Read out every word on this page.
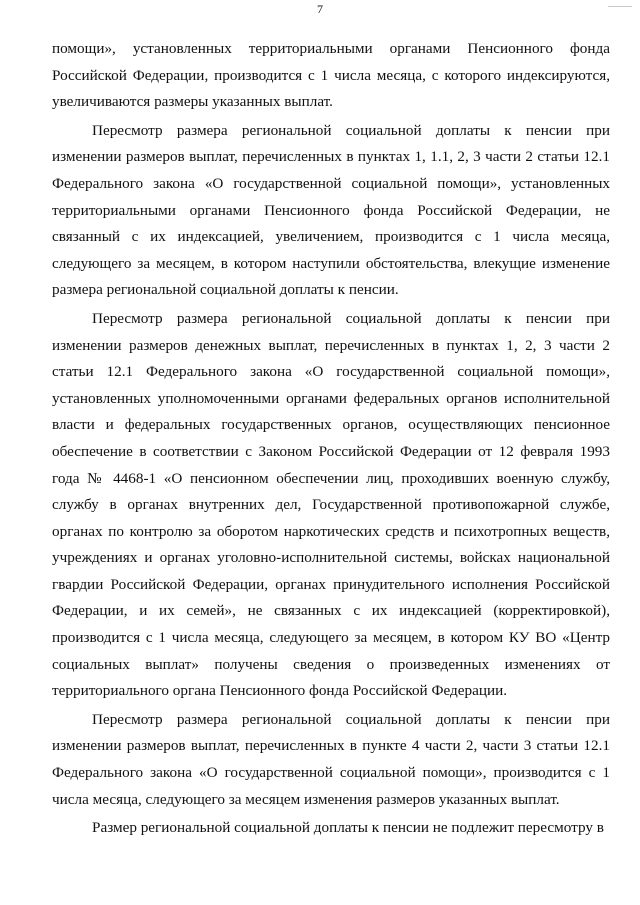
7

помощи», установленных территориальными органами Пенсионного фонда Российской Федерации, производится с 1 числа месяца, с которого индексируются, увеличиваются размеры указанных выплат.

Пересмотр размера региональной социальной доплаты к пенсии при изменении размеров выплат, перечисленных в пунктах 1, 1.1, 2, 3 части 2 статьи 12.1 Федерального закона «О государственной социальной помощи», установленных территориальными органами Пенсионного фонда Российской Федерации, не связанный с их индексацией, увеличением, производится с 1 числа месяца, следующего за месяцем, в котором наступили обстоятельства, влекущие изменение размера региональной социальной доплаты к пенсии.

Пересмотр размера региональной социальной доплаты к пенсии при изменении размеров денежных выплат, перечисленных в пунктах 1, 2, 3 части 2 статьи 12.1 Федерального закона «О государственной социальной помощи», установленных уполномоченными органами федеральных органов исполнительной власти и федеральных государственных органов, осуществляющих пенсионное обеспечение в соответствии с Законом Российской Федерации от 12 февраля 1993 года № 4468-1 «О пенсионном обеспечении лиц, проходивших военную службу, службу в органах внутренних дел, Государственной противопожарной службе, органах по контролю за оборотом наркотических средств и психотропных веществ, учреждениях и органах уголовно-исполнительной системы, войсках национальной гвардии Российской Федерации, органах принудительного исполнения Российской Федерации, и их семей», не связанных с их индексацией (корректировкой), производится с 1 числа месяца, следующего за месяцем, в котором КУ ВО «Центр социальных выплат» получены сведения о произведенных изменениях от территориального органа Пенсионного фонда Российской Федерации.

Пересмотр размера региональной социальной доплаты к пенсии при изменении размеров выплат, перечисленных в пункте 4 части 2, части 3 статьи 12.1 Федерального закона «О государственной социальной помощи», производится с 1 числа месяца, следующего за месяцем изменения размеров указанных выплат.

Размер региональной социальной доплаты к пенсии не подлежит пересмотру в
